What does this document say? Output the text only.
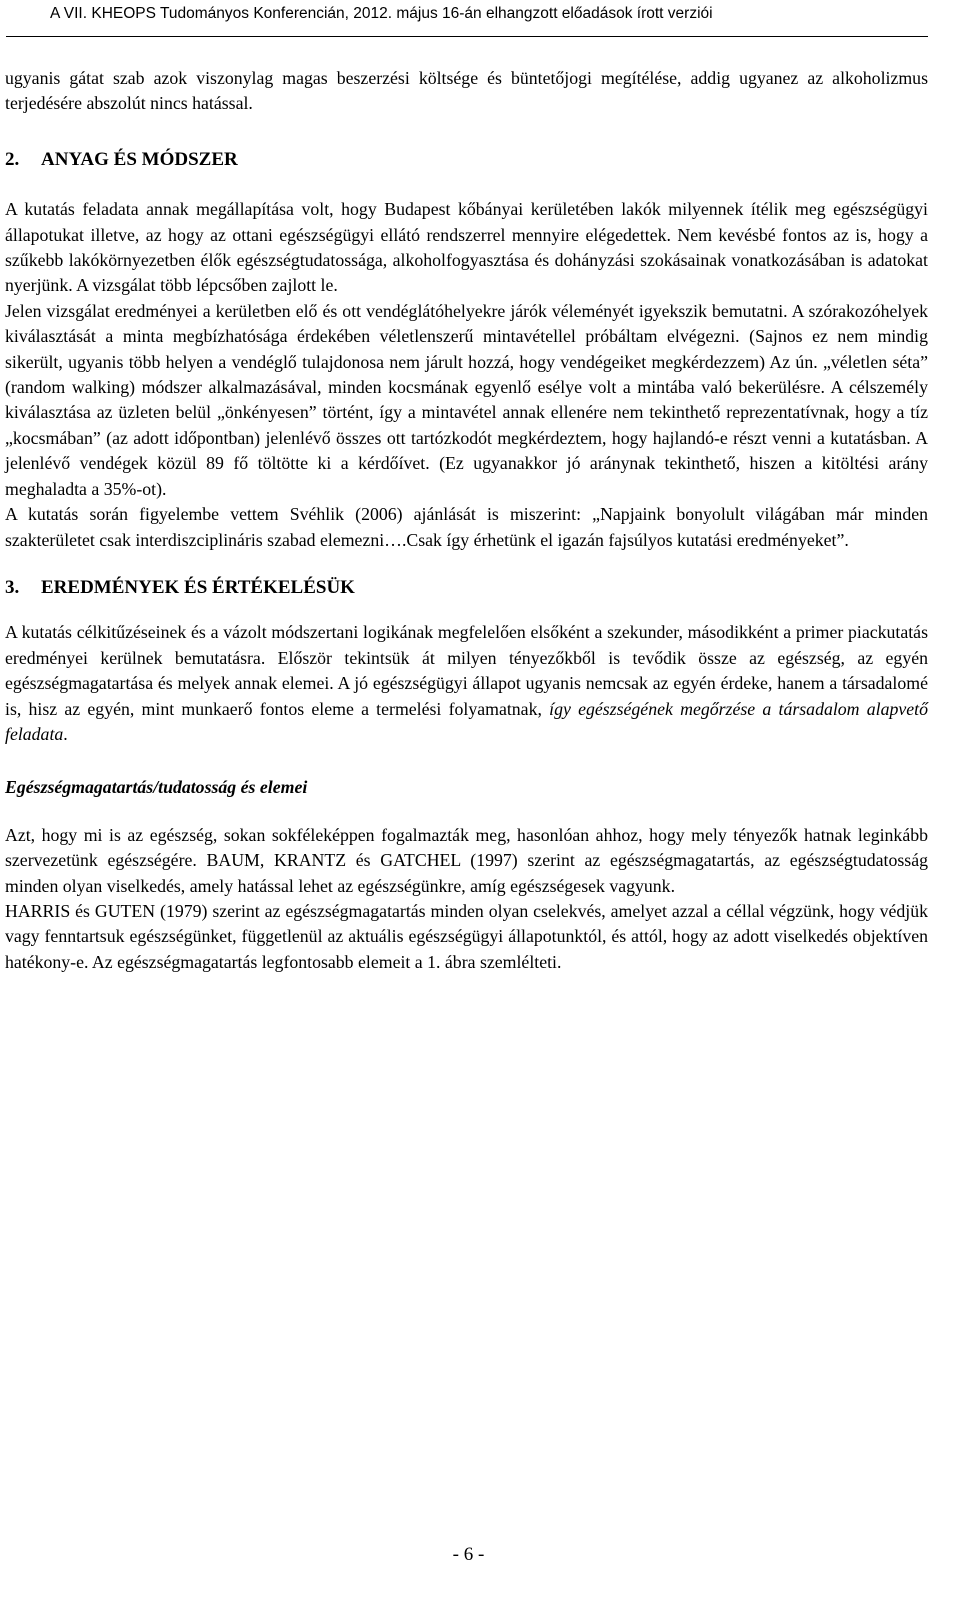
A VII. KHEOPS Tudományos Konferencián, 2012. május 16-án elhangzott előadások írott verziói

ugyanis gátat szab azok viszonylag magas beszerzési költsége és büntetőjogi megítélése, addig ugyanez az alkoholizmus terjedésére abszolút nincs hatással.

2. ANYAG ÉS MÓDSZER

A kutatás feladata annak megállapítása volt, hogy Budapest kőbányai kerületében lakók milyennek ítélik meg egészségügyi állapotukat illetve, az hogy az ottani egészségügyi ellátó rendszerrel mennyire elégedettek. Nem kevésbé fontos az is, hogy a szűkebb lakókörnyezetben élők egészségtudatossága, alkoholfogyasztása és dohányzási szokásainak vonatkozásában is adatokat nyerjünk. A vizsgálat több lépcsőben zajlott le.

Jelen vizsgálat eredményei a kerületben elő és ott vendéglátóhelyekre járók véleményét igyekszik bemutatni. A szórakozóhelyek kiválasztását a minta megbízhatósága érdekében véletlenszerű mintavétellel próbáltam elvégezni. (Sajnos ez nem mindig sikerült, ugyanis több helyen a vendéglő tulajdonosa nem járult hozzá, hogy vendégeiket megkérdezzem) Az ún. „véletlen séta” (random walking) módszer alkalmazásával, minden kocsmának egyenlő esélye volt a mintába való bekerülésre. A célszemély kiválasztása az üzleten belül „önkényesen” történt, így a mintavétel annak ellenére nem tekinthető reprezentatívnak, hogy a tíz „kocsmában” (az adott időpontban) jelenlévő összes ott tartózkodót megkérdeztem, hogy hajlandó-e részt venni a kutatásban. A jelenlévő vendégek közül 89 fő töltötte ki a kérdőívet. (Ez ugyanakkor jó aránynak tekinthető, hiszen a kitöltési arány meghaladta a 35%-ot).

A kutatás során figyelembe vettem Svéhlik (2006) ajánlását is miszerint: „Napjaink bonyolult világában már minden szakterületet csak interdiszciplináris szabad elemezni….Csak így érhetünk el igazán fajsúlyos kutatási eredményeket”.

3. EREDMÉNYEK ÉS ÉRTÉKELÉSÜK

A kutatás célkitűzéseinek és a vázolt módszertani logikának megfelelően elsőként a szekunder, másodikként a primer piackutatás eredményei kerülnek bemutatásra. Először tekintsük át milyen tényezőkből is tevődik össze az egészség, az egyén egészségmagatartása és melyek annak elemei. A jó egészségügyi állapot ugyanis nemcsak az egyén érdeke, hanem a társadalomé is, hisz az egyén, mint munkaerő fontos eleme a termelési folyamatnak, így egészségének megőrzése a társadalom alapvető feladata.

Egészségmagatartás/tudatosság és elemei

Azt, hogy mi is az egészség, sokan sokféleképpen fogalmazták meg, hasonlóan ahhoz, hogy mely tényezők hatnak leginkább szervezetünk egészségére. BAUM, KRANTZ és GATCHEL (1997) szerint az egészségmagatartás, az egészségtudatosság minden olyan viselkedés, amely hatással lehet az egészségünkre, amíg egészségesek vagyunk.

HARRIS és GUTEN (1979) szerint az egészségmagatartás minden olyan cselekvés, amelyet azzal a céllal végzünk, hogy védjük vagy fenntartsuk egészségünket, függetlenül az aktuális egészségügyi állapotunktól, és attól, hogy az adott viselkedés objektíven hatékony-e. Az egészségmagatartás legfontosabb elemeit a 1. ábra szemlélteti.

- 6 -
